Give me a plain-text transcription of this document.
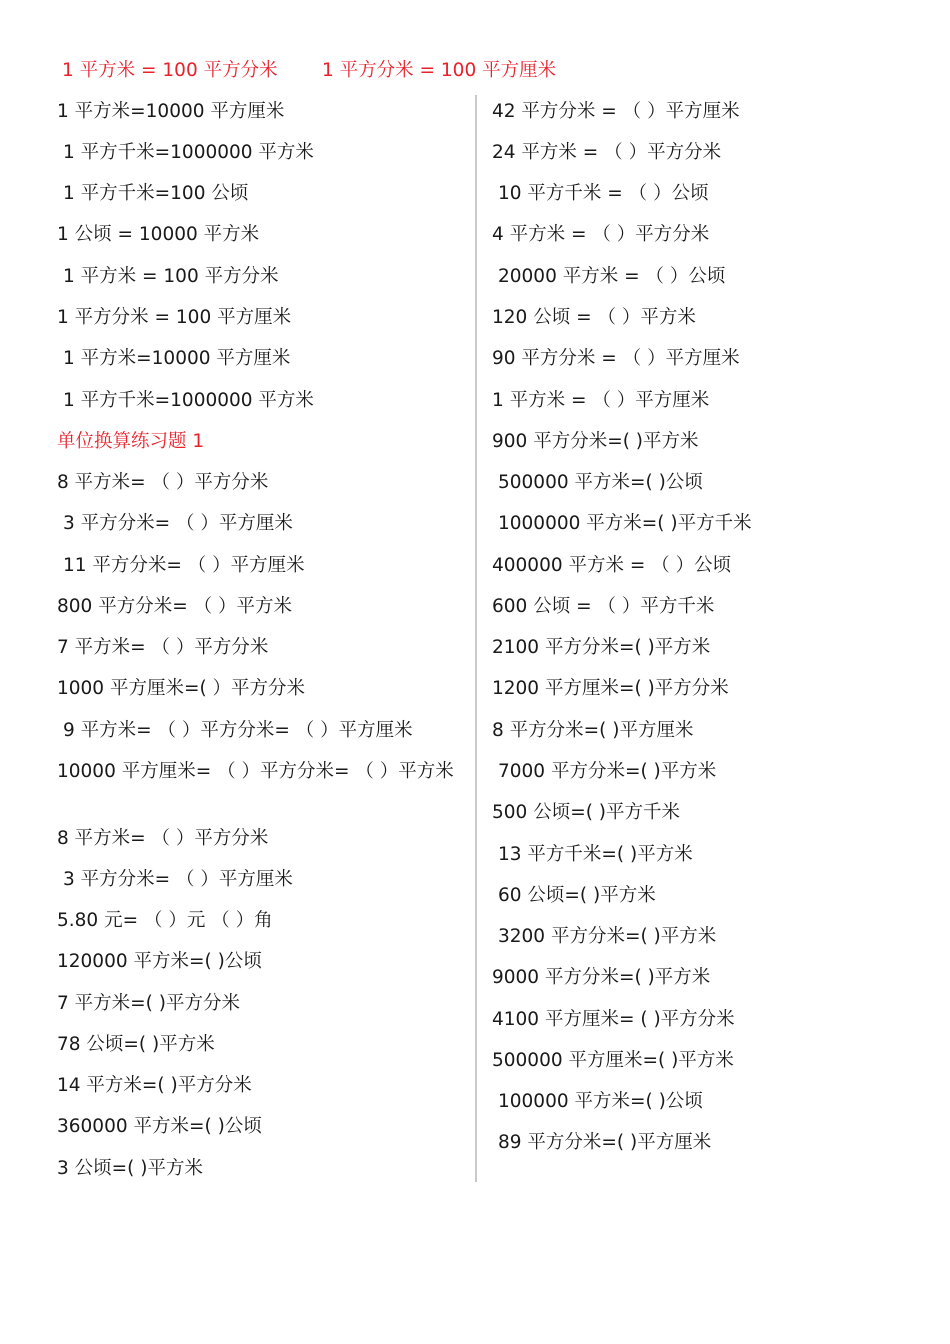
1 平方米 = 100 平方分米 1 平方分米 = 100 平方厘米
1 平方米=10000 平方厘米
1 平方千米=1000000 平方米
1 平方千米=100 公顷
1 公顷 = 10000 平方米
1 平方米 = 100 平方分米
1 平方分米 = 100 平方厘米
1 平方米=10000 平方厘米
1 平方千米=1000000 平方米
单位换算练习题 1
8 平方米= （ ）平方分米
3 平方分米= （ ）平方厘米
11 平方分米= （ ）平方厘米
800 平方分米= （ ）平方米
7 平方米= （ ）平方分米
1000 平方厘米=( ）平方分米
9 平方米= （ ）平方分米= （ ）平方厘米
10000 平方厘米= （ ）平方分米= （ ）平方米
8 平方米= （ ）平方分米
3 平方分米= （ ）平方厘米
5.80 元= （ ）元 （ ）角
120000 平方米=( )公顷
7 平方米=( )平方分米
78 公顷=( )平方米
14 平方米=( )平方分米
360000 平方米=( )公顷
3 公顷=( )平方米
42 平方分米 = （ ）平方厘米
24 平方米 = （ ）平方分米
10 平方千米 = （ ）公顷
4 平方米 = （ ）平方分米
20000 平方米 = （ ）公顷
120 公顷 = （ ）平方米
90 平方分米 = （ ）平方厘米
1 平方米 = （ ）平方厘米
900 平方分米=( )平方米
500000 平方米=( )公顷
1000000 平方米=( )平方千米
400000 平方米 = （ ）公顷
600 公顷 = （ ）平方千米
2100 平方分米=( )平方米
1200 平方厘米=( )平方分米
8 平方分米=( )平方厘米
7000 平方分米=( )平方米
500 公顷=( )平方千米
13 平方千米=( )平方米
60 公顷=( )平方米
3200 平方分米=( )平方米
9000 平方分米=( )平方米
4100 平方厘米= ( )平方分米
500000 平方厘米=( )平方米
100000 平方米=( )公顷
89 平方分米=( )平方厘米
